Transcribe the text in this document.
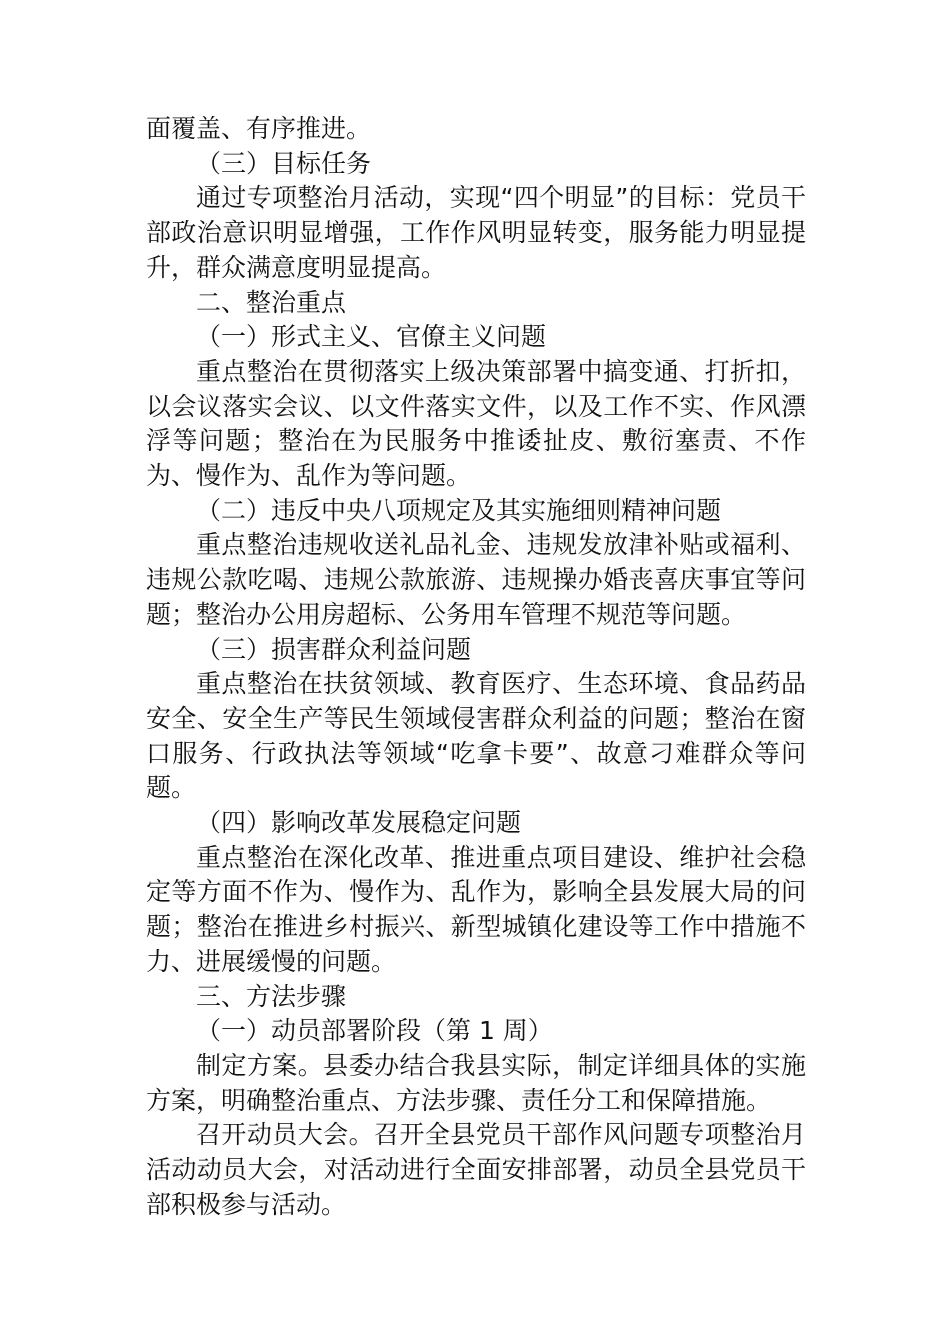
面覆盖、有序推进。

（三）目标任务

通过专项整治月活动，实现“四个明显”的目标：党员干部政治意识明显增强，工作作风明显转变，服务能力明显提升，群众满意度明显提高。

二、整治重点

（一）形式主义、官僚主义问题

重点整治在贯彻落实上级决策部署中搞变通、打折扣，以会议落实会议、以文件落实文件，以及工作不实、作风漂浮等问题；整治在为民服务中推诿扯皮、敷衍塞责、不作为、慢作为、乱作为等问题。

（二）违反中央八项规定及其实施细则精神问题

重点整治违规收送礼品礼金、违规发放津补贴或福利、违规公款吃喝、违规公款旅游、违规操办婚丧喜庆事宜等问题；整治办公用房超标、公务用车管理不规范等问题。

（三）损害群众利益问题

重点整治在扶贫领域、教育医疗、生态环境、食品药品安全、安全生产等民生领域侵害群众利益的问题；整治在窗口服务、行政执法等领域“吃拿卡要”、故意刁难群众等问题。

（四）影响改革发展稳定问题

重点整治在深化改革、推进重点项目建设、维护社会稳定等方面不作为、慢作为、乱作为，影响全县发展大局的问题；整治在推进乡村振兴、新型城镇化建设等工作中措施不力、进展缓慢的问题。

三、方法步骤

（一）动员部署阶段（第 1 周）

制定方案。县委办结合我县实际，制定详细具体的实施方案，明确整治重点、方法步骤、责任分工和保障措施。

召开动员大会。召开全县党员干部作风问题专项整治月活动动员大会，对活动进行全面安排部署，动员全县党员干部积极参与活动。
